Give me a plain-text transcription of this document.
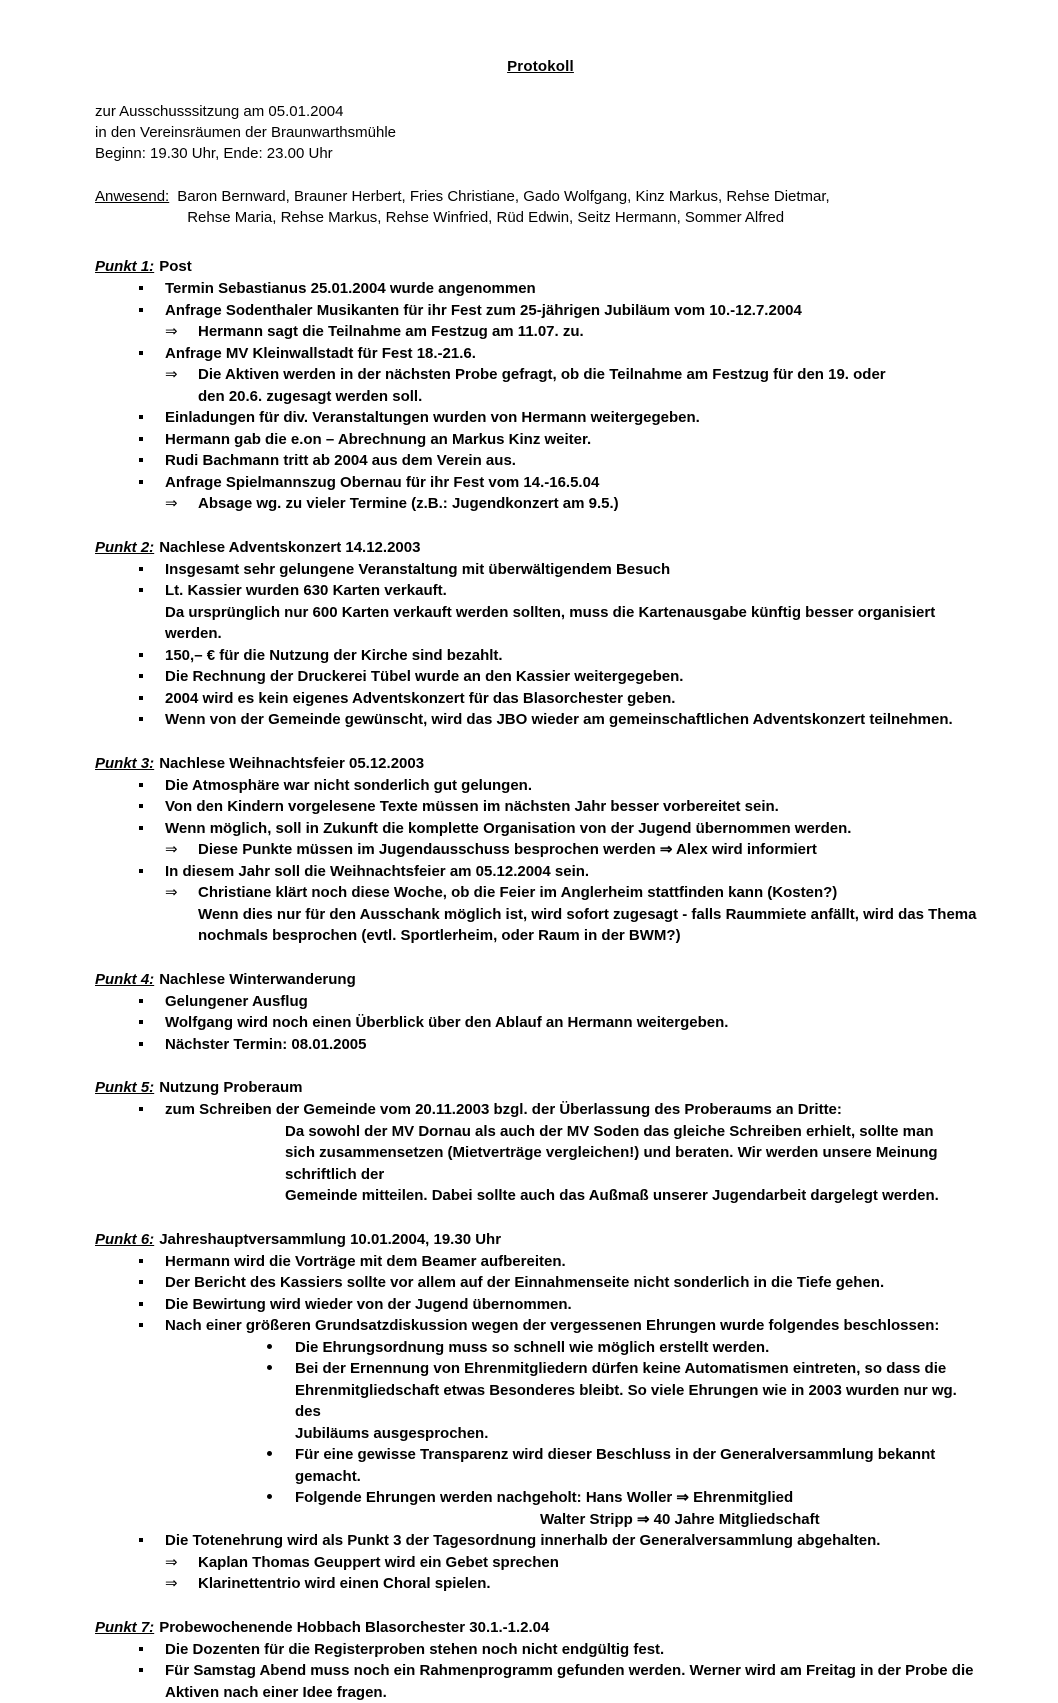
Protokoll
zur Ausschusssitzung am 05.01.2004
in den Vereinsräumen der Braunwarthsmühle
Beginn: 19.30 Uhr, Ende: 23.00 Uhr
Anwesend: Baron Bernward, Brauner Herbert, Fries Christiane, Gado Wolfgang, Kinz Markus, Rehse Dietmar,
Rehse Maria, Rehse Markus, Rehse Winfried, Rüd Edwin, Seitz Hermann, Sommer Alfred
Punkt 1: Post
Termin Sebastianus 25.01.2004 wurde angenommen
Anfrage Sodenthaler Musikanten für ihr Fest zum 25-jährigen Jubiläum vom 10.-12.7.2004
⇒ Hermann sagt die Teilnahme am Festzug am 11.07. zu.
Anfrage MV Kleinwallstadt für Fest 18.-21.6.
⇒ Die Aktiven werden in der nächsten Probe gefragt, ob die Teilnahme am Festzug für den 19. oder
den 20.6. zugesagt werden soll.
Einladungen für div. Veranstaltungen wurden von Hermann weitergegeben.
Hermann gab die e.on – Abrechnung an Markus Kinz weiter.
Rudi Bachmann tritt ab 2004 aus dem Verein aus.
Anfrage Spielmannszug Obernau für ihr Fest vom 14.-16.5.04
⇒ Absage wg. zu vieler Termine (z.B.: Jugendkonzert am 9.5.)
Punkt 2: Nachlese Adventskonzert 14.12.2003
Insgesamt sehr gelungene Veranstaltung mit überwältigendem Besuch
Lt. Kassier wurden 630 Karten verkauft.
Da ursprünglich nur 600 Karten verkauft werden sollten, muss die Kartenausgabe künftig besser organisiert werden.
150,– € für die Nutzung der Kirche sind bezahlt.
Die Rechnung der Druckerei Tübel wurde an den Kassier weitergegeben.
2004 wird es kein eigenes Adventskonzert für das Blasorchester geben.
Wenn von der Gemeinde gewünscht, wird das JBO wieder am gemeinschaftlichen Adventskonzert teilnehmen.
Punkt 3: Nachlese Weihnachtsfeier 05.12.2003
Die Atmosphäre war nicht sonderlich gut gelungen.
Von den Kindern vorgelesene Texte müssen im nächsten Jahr besser vorbereitet sein.
Wenn möglich, soll in Zukunft die komplette Organisation von der Jugend übernommen werden.
⇒ Diese Punkte müssen im Jugendausschuss besprochen werden ⇒ Alex wird informiert
In diesem Jahr soll die Weihnachtsfeier am 05.12.2004 sein.
⇒ Christiane klärt noch diese Woche, ob die Feier im Anglerheim stattfinden kann (Kosten?)
Wenn dies nur für den Ausschank möglich ist, wird sofort zugesagt - falls Raummiete anfällt, wird das Thema
nochmals besprochen (evtl. Sportlerheim, oder Raum in der BWM?)
Punkt 4: Nachlese Winterwanderung
Gelungener Ausflug
Wolfgang wird noch einen Überblick über den Ablauf an Hermann weitergeben.
Nächster Termin: 08.01.2005
Punkt 5: Nutzung Proberaum
zum Schreiben der Gemeinde vom 20.11.2003 bzgl. der Überlassung des Proberaums an Dritte:
Da sowohl der MV Dornau als auch der MV Soden das gleiche Schreiben erhielt, sollte man
sich zusammensetzen (Mietverträge vergleichen!) und beraten. Wir werden unsere Meinung schriftlich der
Gemeinde mitteilen. Dabei sollte auch das Außmaß unserer Jugendarbeit dargelegt werden.
Punkt 6: Jahreshauptversammlung 10.01.2004, 19.30 Uhr
Hermann wird die Vorträge mit dem Beamer aufbereiten.
Der Bericht des Kassiers sollte vor allem auf der Einnahmenseite nicht sonderlich in die Tiefe gehen.
Die Bewirtung wird wieder von der Jugend übernommen.
Nach einer größeren Grundsatzdiskussion wegen der vergessenen Ehrungen wurde folgendes beschlossen:
Die Ehrungsordnung muss so schnell wie möglich erstellt werden.
Bei der Ernennung von Ehrenmitgliedern dürfen keine Automatismen eintreten, so dass die
Ehrenmitgliedschaft etwas Besonderes bleibt. So viele Ehrungen wie in 2003 wurden nur wg. des
Jubiläums ausgesprochen.
Für eine gewisse Transparenz wird dieser Beschluss in der Generalversammlung bekannt gemacht.
Folgende Ehrungen werden nachgeholt: Hans Woller ⇒ Ehrenmitglied
Walter Stripp ⇒ 40 Jahre Mitgliedschaft
Die Totenehrung wird als Punkt 3 der Tagesordnung innerhalb der Generalversammlung abgehalten.
⇒ Kaplan Thomas Geuppert wird ein Gebet sprechen
⇒ Klarinettentrio wird einen Choral spielen.
Punkt 7: Probewochenende Hobbach Blasorchester 30.1.-1.2.04
Die Dozenten für die Registerproben stehen noch nicht endgültig fest.
Für Samstag Abend muss noch ein Rahmenprogramm gefunden werden. Werner wird am Freitag in der Probe die
Aktiven nach einer Idee fragen.
